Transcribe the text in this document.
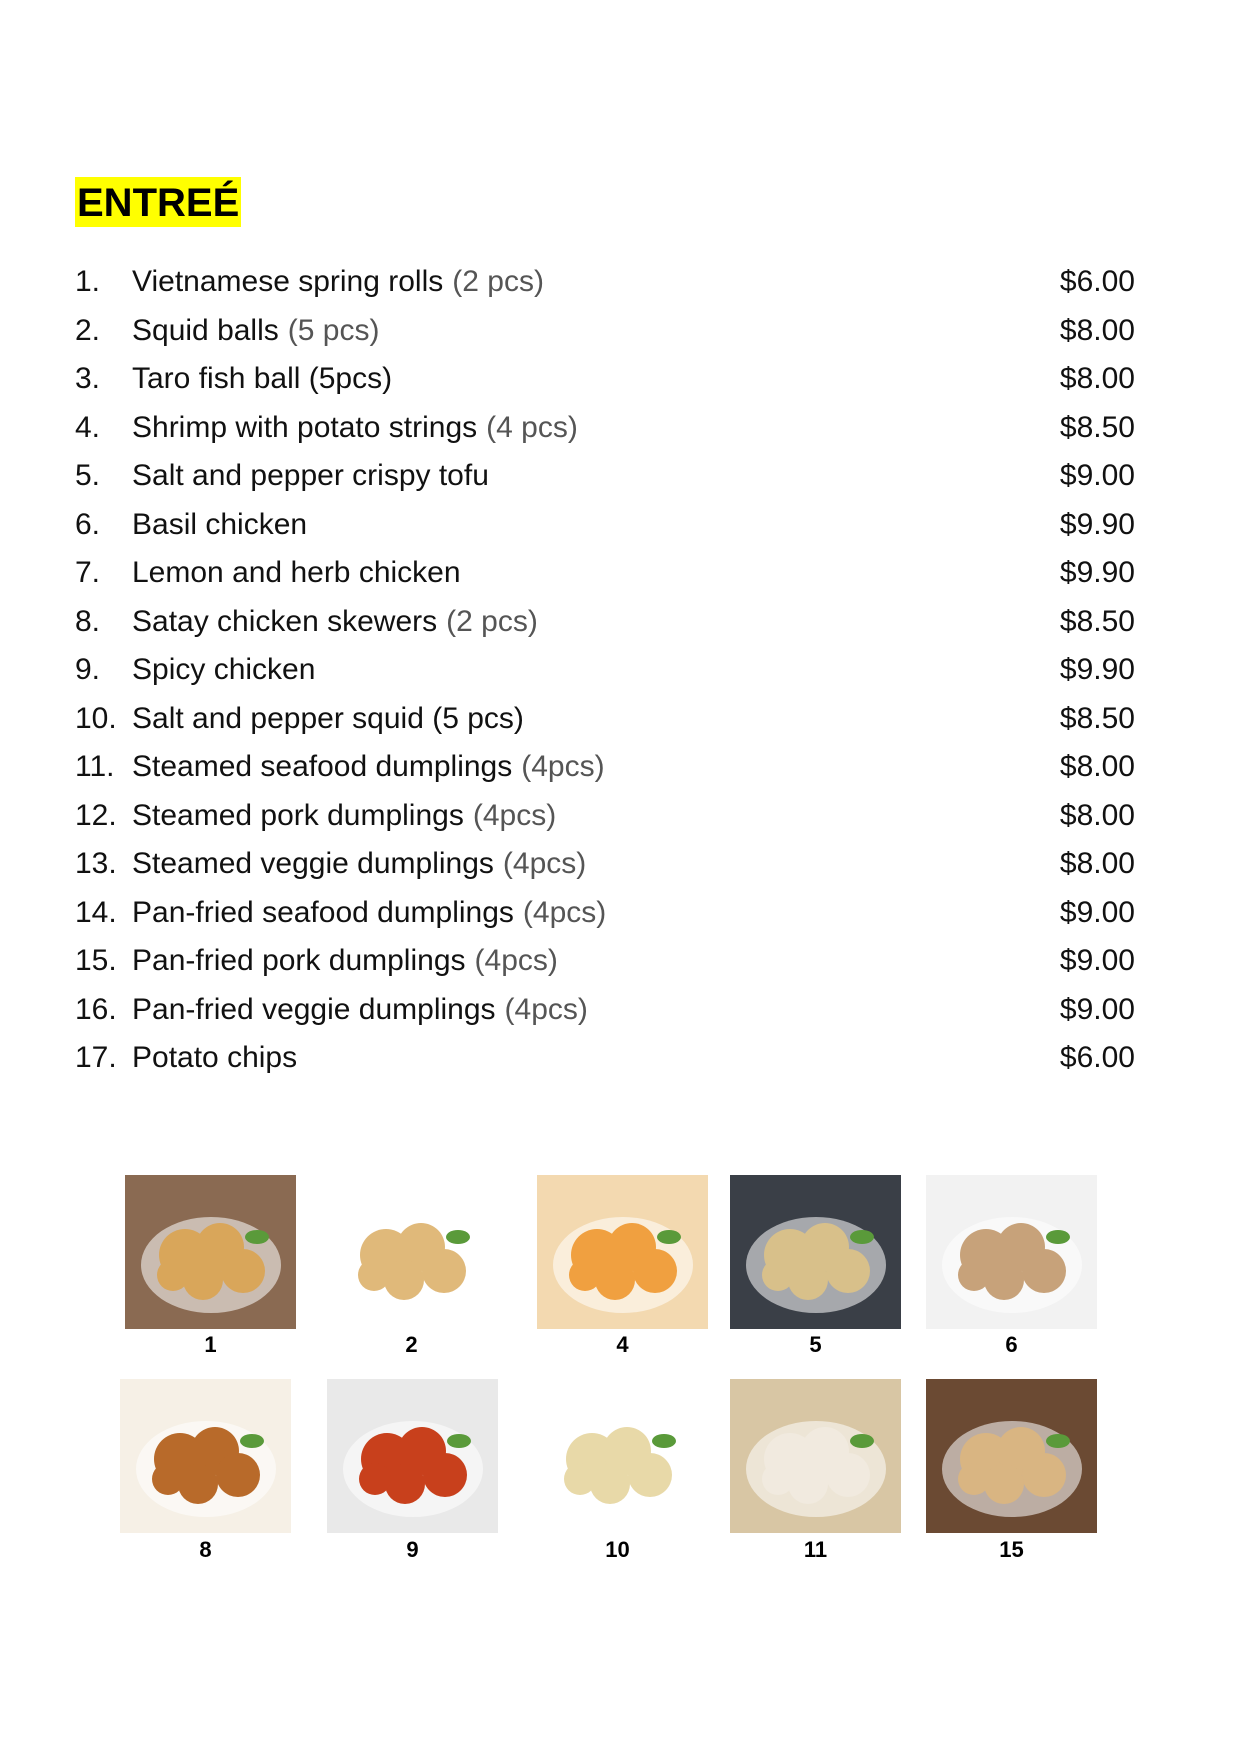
ENTREÉ
1.	Vietnamese spring rolls (2 pcs)	$6.00
2.	Squid balls (5 pcs)	$8.00
3.	Taro fish ball (5pcs)	$8.00
4.	Shrimp with potato strings (4 pcs)	$8.50
5.	Salt and pepper crispy tofu	$9.00
6.	Basil chicken	$9.90
7.	Lemon and herb chicken	$9.90
8.	Satay chicken skewers (2 pcs)	$8.50
9.	Spicy chicken	$9.90
10. Salt and pepper squid (5 pcs)	$8.50
11. Steamed seafood dumplings (4pcs)	$8.00
12. Steamed pork dumplings (4pcs)	$8.00
13. Steamed veggie dumplings (4pcs)	$8.00
14. Pan-fried seafood dumplings (4pcs)	$9.00
15. Pan-fried pork dumplings (4pcs)	$9.00
16. Pan-fried veggie dumplings (4pcs)	$9.00
17. Potato chips	$6.00
1	2	4	5	6
8	9	10	11	15
